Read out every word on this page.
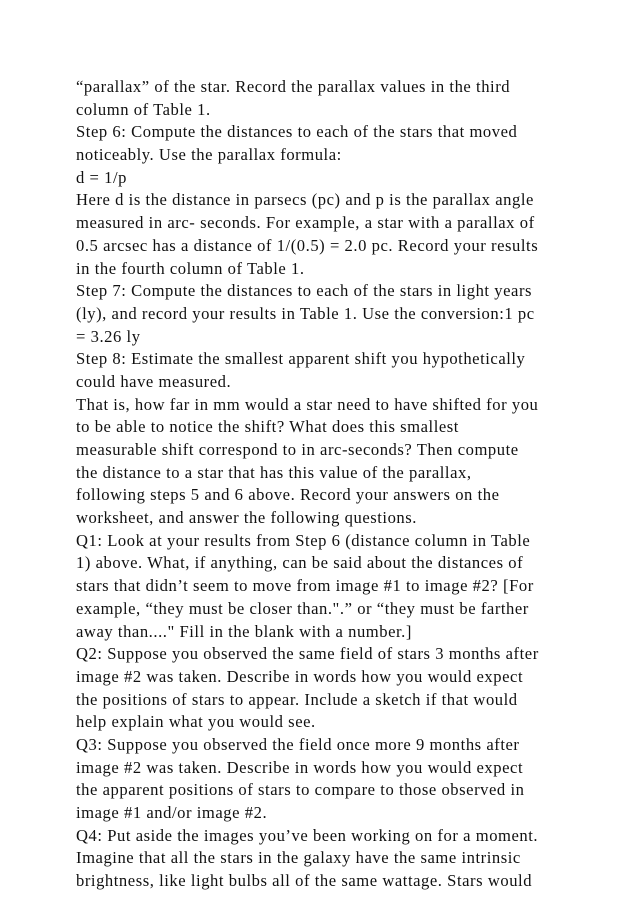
“parallax” of the star. Record the parallax values in the third
column of Table 1.
Step 6: Compute the distances to each of the stars that moved
noticeably. Use the parallax formula:
d = 1/p
Here d is the distance in parsecs (pc) and p is the parallax angle
measured in arc- seconds. For example, a star with a parallax of
0.5 arcsec has a distance of 1/(0.5) = 2.0 pc. Record your results
in the fourth column of Table 1.
Step 7: Compute the distances to each of the stars in light years
(ly), and record your results in Table 1. Use the conversion:1 pc
= 3.26 ly
Step 8: Estimate the smallest apparent shift you hypothetically
could have measured.
That is, how far in mm would a star need to have shifted for you
to be able to notice the shift? What does this smallest
measurable shift correspond to in arc-seconds? Then compute
the distance to a star that has this value of the parallax,
following steps 5 and 6 above. Record your answers on the
worksheet, and answer the following questions.
Q1: Look at your results from Step 6 (distance column in Table
1) above. What, if anything, can be said about the distances of
stars that didn’t seem to move from image #1 to image #2? [For
example, “they must be closer than.".” or “they must be farther
away than...." Fill in the blank with a number.]
Q2: Suppose you observed the same field of stars 3 months after
image #2 was taken. Describe in words how you would expect
the positions of stars to appear. Include a sketch if that would
help explain what you would see.
Q3: Suppose you observed the field once more 9 months after
image #2 was taken. Describe in words how you would expect
the apparent positions of stars to compare to those observed in
image #1 and/or image #2.
Q4: Put aside the images you’ve been working on for a moment.
Imagine that all the stars in the galaxy have the same intrinsic
brightness, like light bulbs all of the same wattage. Stars would
